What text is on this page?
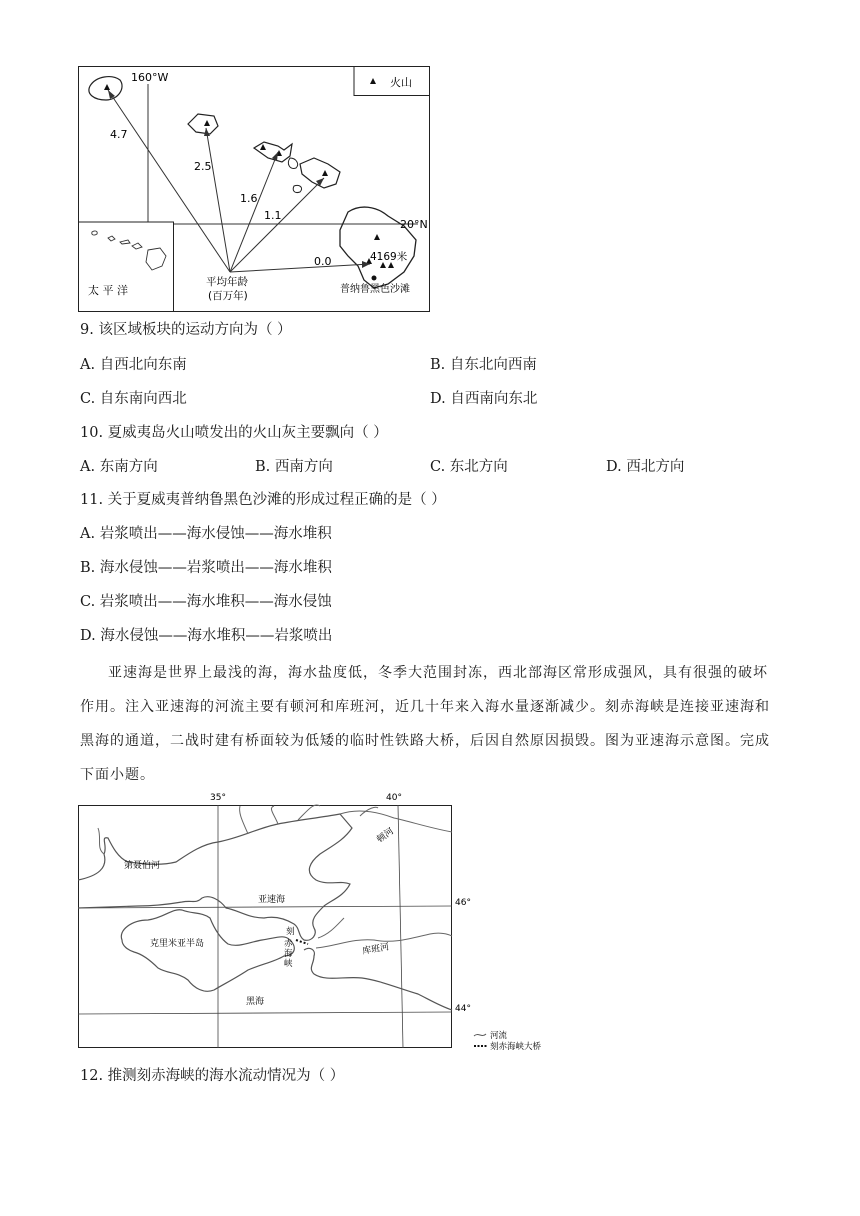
160°W
20°N
火山
4.7
2.5
1.6
1.1
0.0	4169米
普纳鲁黑色沙滩
平均年龄
(百万年)
太 平 洋
9. 该区域板块的运动方向为（ ）
A. 自西北向东南	B. 自东北向西南
C. 自东南向西北	D. 自西南向东北
10. 夏威夷岛火山喷发出的火山灰主要飘向（ ）
A. 东南方向	B. 西南方向	C. 东北方向	D. 西北方向
11. 关于夏威夷普纳鲁黑色沙滩的形成过程正确的是（ ）
A. 岩浆喷出——海水侵蚀——海水堆积
B. 海水侵蚀——岩浆喷出——海水堆积
C. 岩浆喷出——海水堆积——海水侵蚀
D. 海水侵蚀——海水堆积——岩浆喷出
亚速海是世界上最浅的海，海水盐度低，冬季大范围封冻，西北部海区常形成强风，具有很强的破坏作用。注入亚速海的河流主要有顿河和库班河，近几十年来入海水量逐渐减少。刻赤海峡是连接亚速海和黑海的通道，二战时建有桥面较为低矮的临时性铁路大桥，后因自然原因损毁。图为亚速海示意图。完成下面小题。
35°	40°
46°
44°
第聂伯河
顿河
亚速海
克里米亚半岛	库班河
黑海
刻
赤
海
峡
河流
刻赤海峡大桥
12. 推测刻赤海峡的海水流动情况为（ ）
